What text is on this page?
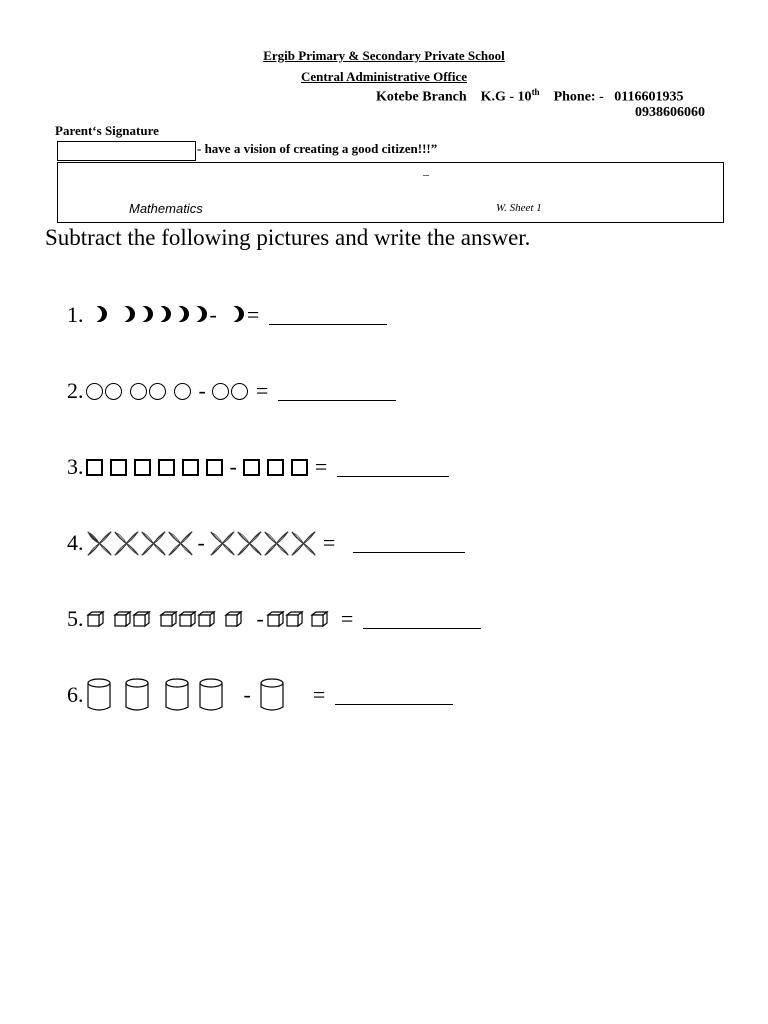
Ergib Primary & Secondary Private School
Central Administrative Office
Kotebe Branch K.G - 10th Phone: - 0116601935
0938606060
Parent‘s Signature
- have a vision of creating a good citizen!!!”
–
Mathematics	W. Sheet 1
Subtract the following pictures and write the answer.
1.	- =
2.	- =
3.	-	=
4.	-	=
5.	-	=
6.	-	=
